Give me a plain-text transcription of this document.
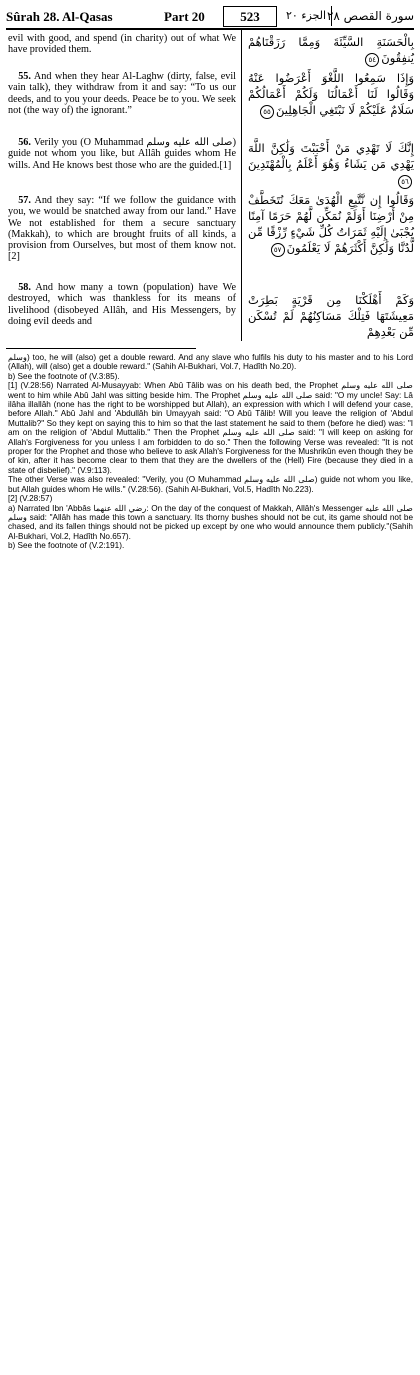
Sûrah 28. Al-Qasas	Part 20	523	الجزء ٢٠ سورة القصص ٢٨

evil with good, and spend (in charity) out of what We have provided them.

 55. And when they hear Al-Laghw (dirty, false, evil vain talk), they withdraw from it and say: “To us our deeds, and to you your deeds. Peace be to you. We seek not (the way of) the ignorant.”

 56. Verily you (O Muhammad صلى الله عليه وسلم) guide not whom you like, but Allâh guides whom He wills. And He knows best those who are the guided.[1]

 57. And they say: “If we follow the guidance with you, we would be snatched away from our land.” Have We not established for them a secure sanctuary (Makkah), to which are brought fruits of all kinds, a provision from Ourselves, but most of them know not.[2]

 58. And how many a town (population) have We destroyed, which was thankless for its means of livelihood (disobeyed Allâh, and His Messengers, by doing evil deeds and

بِالْحَسَنَةِ السَّيِّئَةَ وَمِمَّا رَزَقْنَاهُمْ يُنفِقُونَ٥٤
وَإِذَا سَمِعُوا اللَّغْوَ أَعْرَضُوا عَنْهُ وَقَالُوا لَنَا أَعْمَالُنَا وَلَكُمْ أَعْمَالُكُمْ سَلَامٌ عَلَيْكُمْ لَا نَبْتَغِي الْجَاهِلِينَ٥٥
إِنَّكَ لَا تَهْدِي مَنْ أَحْبَبْتَ وَلَٰكِنَّ اللَّهَ يَهْدِي مَن يَشَاءُ وَهُوَ أَعْلَمُ بِالْمُهْتَدِينَ٥٦
وَقَالُوا إِن نَّتَّبِعِ الْهُدَىٰ مَعَكَ نُتَخَطَّفْ مِنْ أَرْضِنَا أَوَلَمْ نُمَكِّن لَّهُمْ حَرَمًا آمِنًا يُجْبَىٰ إِلَيْهِ ثَمَرَاتُ كُلِّ شَيْءٍ رِّزْقًا مِّن لَّدُنَّا وَلَٰكِنَّ أَكْثَرَهُمْ لَا يَعْلَمُونَ٥٧
وَكَمْ أَهْلَكْنَا مِن قَرْيَةٍ بَطِرَتْ مَعِيشَتَهَا فَتِلْكَ مَسَاكِنُهُمْ لَمْ تُسْكَن مِّن بَعْدِهِمْ

وسلم) too, he will (also) get a double reward. And any slave who fulfils his duty to his master and to his Lord (Allah), will (also) get a double reward." (Sahih Al-Bukhari, Vol.7, Hadîth No.20).

b) See the footnote of (V.3:85).

[1] (V.28:56) Narrated Al-Musayyab: When Abû Tâlib was on his death bed, the Prophet صلى الله عليه وسلم went to him while Abû Jahl was sitting beside him. The Prophet صلى الله عليه وسلم said: "O my uncle! Say: Lâ ilâha illallâh (none has the right to be worshipped but Allah), an expression with which I will defend your case, before Allah." Abû Jahl and 'Abdullâh bin Umayyah said: "O Abû Tâlib! Will you leave the religion of 'Abdul Muttalib?" So they kept on saying this to him so that the last statement he said to them (before he died) was: "I am on the religion of 'Abdul Muttalib." Then the Prophet صلى الله عليه وسلم said: "I will keep on asking for Allah's Forgiveness for you unless I am forbidden to do so." Then the following Verse was revealed: "It is not proper for the Prophet and those who believe to ask Allah's Forgiveness for the Mushrikûn even though they be of kin, after it has become clear to them that they are the dwellers of the (Hell) Fire (because they died in a state of disbelief)." (V.9:113).

The other Verse was also revealed: "Verily, you (O Muhammad صلى الله عليه وسلم) guide not whom you like, but Allah guides whom He wills." (V.28:56). (Sahih Al-Bukhari, Vol.5, Hadîth No.223).

[2] (V.28:57)

a) Narrated Ibn 'Abbâs رضي الله عنهما: On the day of the conquest of Makkah, Allâh's Messenger صلى الله عليه وسلم said: "Allâh has made this town a sanctuary. Its thorny bushes should not be cut, its game should not be chased, and its fallen things should not be picked up except by one who would announce them publicly."(Sahih Al-Bukhari, Vol.2, Hadîth No.657).

b) See the footnote of (V.2:191).
